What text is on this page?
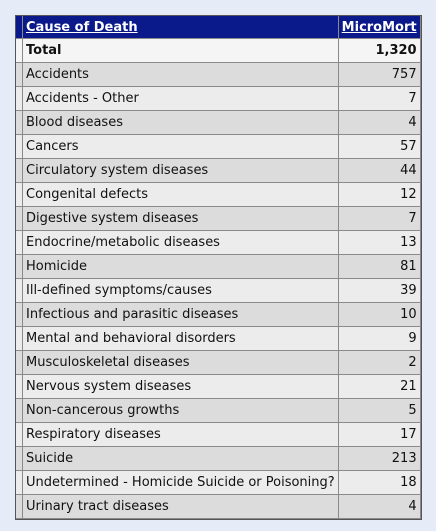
	Cause of Death	MicroMort
	Total	1,320
	Accidents	757
	Accidents - Other	7
	Blood diseases	4
	Cancers	57
	Circulatory system diseases	44
	Congenital defects	12
	Digestive system diseases	7
	Endocrine/metabolic diseases	13
	Homicide	81
	Ill-defined symptoms/causes	39
	Infectious and parasitic diseases	10
	Mental and behavioral disorders	9
	Musculoskeletal diseases	2
	Nervous system diseases	21
	Non-cancerous growths	5
	Respiratory diseases	17
	Suicide	213
	Undetermined - Homicide Suicide or Poisoning?	18
	Urinary tract diseases	4
